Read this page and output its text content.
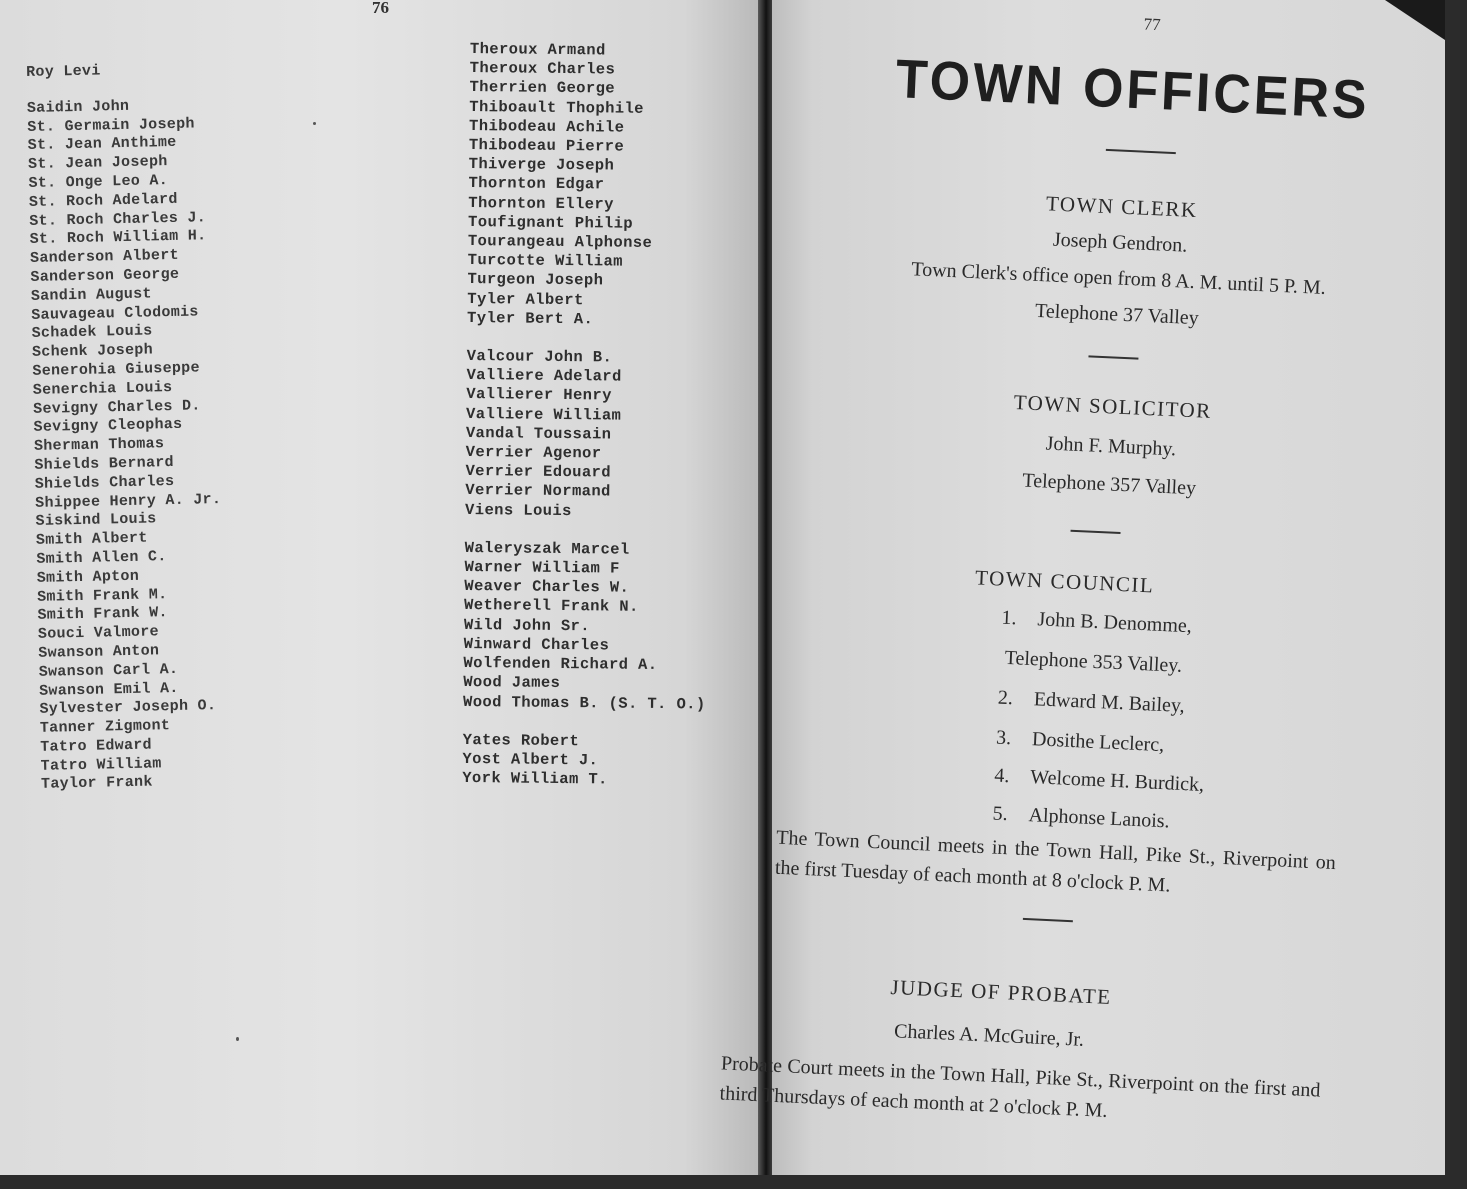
76
Roy Levi
Saidin John
St. Germain Joseph
St. Jean Anthime
St. Jean Joseph
St. Onge Leo A.
St. Roch Adelard
St. Roch Charles J.
St. Roch William H.
Sanderson Albert
Sanderson George
Sandin August
Sauvageau Clodomis
Schadek Louis
Schenk Joseph
Senerohia Giuseppe
Senerchia Louis
Sevigny Charles D.
Sevigny Cleophas
Sherman Thomas
Shields Bernard
Shields Charles
Shippee Henry A. Jr.
Siskind Louis
Smith Albert
Smith Allen C.
Smith Apton
Smith Frank M.
Smith Frank W.
Souci Valmore
Swanson Anton
Swanson Carl A.
Swanson Emil A.
Sylvester Joseph O.
Tanner Zigmont
Tatro Edward
Tatro William
Taylor Frank
Theroux Armand
Theroux Charles
Therrien George
Thiboault Thophile
Thibodeau Achile
Thibodeau Pierre
Thiverge Joseph
Thornton Edgar
Thornton Ellery
Toufignant Philip
Tourangeau Alphonse
Turcotte William
Turgeon Joseph
Tyler Albert
Tyler Bert A.
Valcour John B.
Valliere Adelard
Vallierer Henry
Valliere William
Vandal Toussain
Verrier Agenor
Verrier Edouard
Verrier Normand
Viens Louis
Waleryszak Marcel
Warner William F
Weaver Charles W.
Wetherell Frank N.
Wild John Sr.
Winward Charles
Wolfenden Richard A.
Wood James
Wood Thomas B. (S. T. O.)
Yates Robert
Yost Albert J.
York William T.
77
TOWN OFFICERS
TOWN CLERK
Joseph Gendron.
Town Clerk's office open from 8 A. M. until 5 P. M.
Telephone 37 Valley
TOWN SOLICITOR
John F. Murphy.
Telephone 357 Valley
TOWN COUNCIL
1. John B. Denomme,
Telephone 353 Valley.
2. Edward M. Bailey,
3. Dosithe Leclerc,
4. Welcome H. Burdick,
5. Alphonse Lanois.
The Town Council meets in the Town Hall, Pike St., Riverpoint on the first Tuesday of each month at 8 o'clock P. M.
JUDGE OF PROBATE
Charles A. McGuire, Jr.
Probate Court meets in the Town Hall, Pike St., Riverpoint on the first and third Thursdays of each month at 2 o'clock P. M.
